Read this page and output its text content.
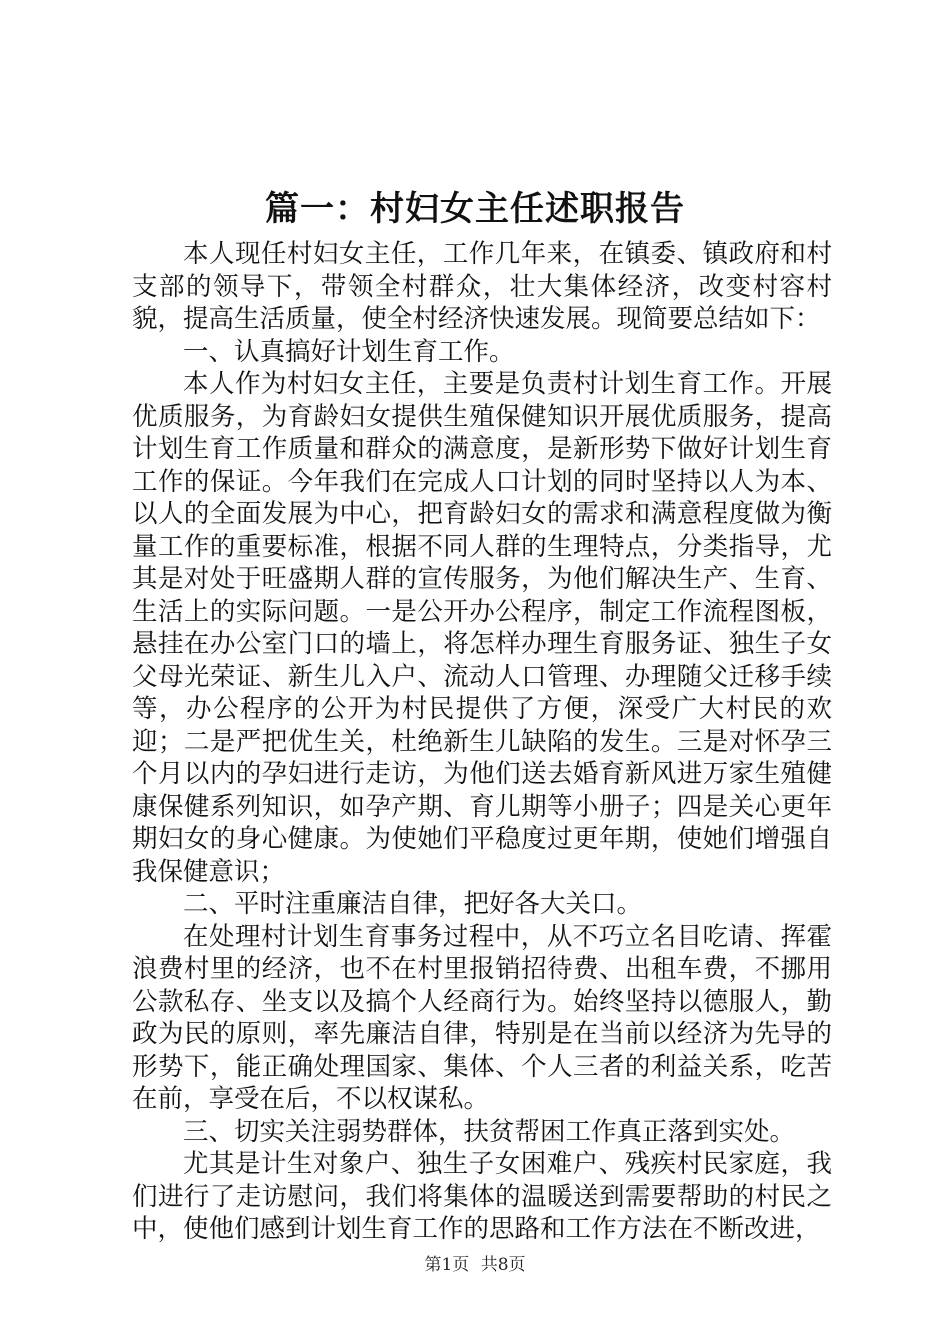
篇一：村妇女主任述职报告

本人现任村妇女主任，工作几年来，在镇委、镇政府和村支部的领导下，带领全村群众，壮大集体经济，改变村容村貌，提高生活质量，使全村经济快速发展。现简要总结如下：

一、认真搞好计划生育工作。

本人作为村妇女主任，主要是负责村计划生育工作。开展优质服务，为育龄妇女提供生殖保健知识开展优质服务，提高计划生育工作质量和群众的满意度，是新形势下做好计划生育工作的保证。今年我们在完成人口计划的同时坚持以人为本、以人的全面发展为中心，把育龄妇女的需求和满意程度做为衡量工作的重要标准，根据不同人群的生理特点，分类指导，尤其是对处于旺盛期人群的宣传服务，为他们解决生产、生育、生活上的实际问题。一是公开办公程序，制定工作流程图板，悬挂在办公室门口的墙上，将怎样办理生育服务证、独生子女父母光荣证、新生儿入户、流动人口管理、办理随父迁移手续等，办公程序的公开为村民提供了方便，深受广大村民的欢迎；二是严把优生关，杜绝新生儿缺陷的发生。三是对怀孕三个月以内的孕妇进行走访，为他们送去婚育新风进万家生殖健康保健系列知识，如孕产期、育儿期等小册子；四是关心更年期妇女的身心健康。为使她们平稳度过更年期，使她们增强自我保健意识；

二、平时注重廉洁自律，把好各大关口。

在处理村计划生育事务过程中，从不巧立名目吃请、挥霍浪费村里的经济，也不在村里报销招待费、出租车费，不挪用公款私存、坐支以及搞个人经商行为。始终坚持以德服人，勤政为民的原则，率先廉洁自律，特别是在当前以经济为先导的形势下，能正确处理国家、集体、个人三者的利益关系，吃苦在前，享受在后，不以权谋私。

三、切实关注弱势群体，扶贫帮困工作真正落到实处。

尤其是计生对象户、独生子女困难户、残疾村民家庭，我们进行了走访慰问，我们将集体的温暖送到需要帮助的村民之中，使他们感到计划生育工作的思路和工作方法在不断改进，

第1页 共8页
